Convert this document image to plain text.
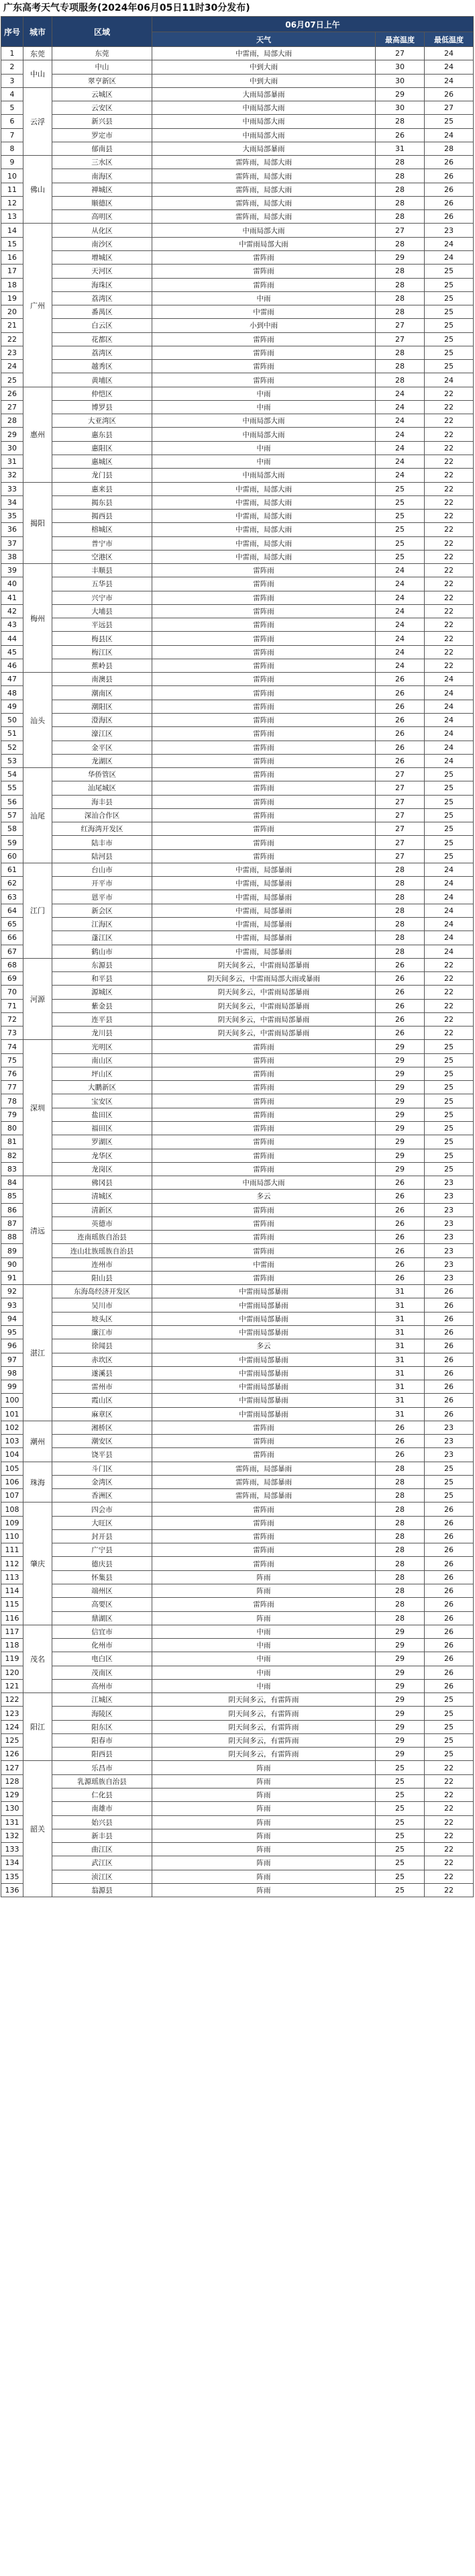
广东高考天气专项服务(2024年06月05日11时30分发布)
序号	城市	区域	06月07日上午		
			天气	最高温度	最低温度
1	东莞	东莞	中雷雨，局部大雨	27	24
2	中山	中山	中到大雨	30	24
3		翠亨新区	中到大雨	30	24
4	云浮	云城区	大雨局部暴雨	29	26
5		云安区	中雨局部大雨	30	27
6		新兴县	中雨局部大雨	28	25
7		罗定市	中雨局部大雨	26	24
8		郁南县	大雨局部暴雨	31	28
9	佛山	三水区	雷阵雨，局部大雨	28	26
10		南海区	雷阵雨，局部大雨	28	26
11		禅城区	雷阵雨，局部大雨	28	26
12		顺德区	雷阵雨，局部大雨	28	26
13		高明区	雷阵雨，局部大雨	28	26
14	广州	从化区	中雨局部大雨	27	23
15		南沙区	中雷雨局部大雨	28	24
16		增城区	雷阵雨	29	24
17		天河区	雷阵雨	28	25
18		海珠区	雷阵雨	28	25
19		荔湾区	中雨	28	25
20		番禺区	中雷雨	28	25
21		白云区	小到中雨	27	25
22		花都区	雷阵雨	27	25
23		荔湾区	雷阵雨	28	25
24		越秀区	雷阵雨	28	25
25		黄埔区	雷阵雨	28	24
26	惠州	仲恺区	中雨	24	22
27		博罗县	中雨	24	22
28		大亚湾区	中雨局部大雨	24	22
29		惠东县	中雨局部大雨	24	22
30		惠阳区	中雨	24	22
31		惠城区	中雨	24	22
32		龙门县	中雨局部大雨	24	22
33	揭阳	惠来县	中雷雨，局部大雨	25	22
34		揭东县	中雷雨，局部大雨	25	22
35		揭西县	中雷雨，局部大雨	25	22
36		榕城区	中雷雨，局部大雨	25	22
37		普宁市	中雷雨，局部大雨	25	22
38		空港区	中雷雨，局部大雨	25	22
39	梅州	丰顺县	雷阵雨	24	22
40		五华县	雷阵雨	24	22
41		兴宁市	雷阵雨	24	22
42		大埔县	雷阵雨	24	22
43		平远县	雷阵雨	24	22
44		梅县区	雷阵雨	24	22
45		梅江区	雷阵雨	24	22
46		蕉岭县	雷阵雨	24	22
47	汕头	南澳县	雷阵雨	26	24
48		潮南区	雷阵雨	26	24
49		潮阳区	雷阵雨	26	24
50		澄海区	雷阵雨	26	24
51		濠江区	雷阵雨	26	24
52		金平区	雷阵雨	26	24
53		龙湖区	雷阵雨	26	24
54	汕尾	华侨管区	雷阵雨	27	25
55		汕尾城区	雷阵雨	27	25
56		海丰县	雷阵雨	27	25
57		深汕合作区	雷阵雨	27	25
58		红海湾开发区	雷阵雨	27	25
59		陆丰市	雷阵雨	27	25
60		陆河县	雷阵雨	27	25
61	江门	台山市	中雷雨，局部暴雨	28	24
62		开平市	中雷雨，局部暴雨	28	24
63		恩平市	中雷雨，局部暴雨	28	24
64		新会区	中雷雨，局部暴雨	28	24
65		江海区	中雷雨，局部暴雨	28	24
66		蓬江区	中雷雨，局部暴雨	28	24
67		鹤山市	中雷雨，局部暴雨	28	24
68	河源	东源县	阴天间多云，中雷雨局部暴雨	26	22
69		和平县	阴天间多云，中雷雨局部大雨或暴雨	26	22
70		源城区	阴天间多云，中雷雨局部暴雨	26	22
71		紫金县	阴天间多云，中雷雨局部暴雨	26	22
72		连平县	阴天间多云，中雷雨局部暴雨	26	22
73		龙川县	阴天间多云，中雷雨局部暴雨	26	22
74	深圳	光明区	雷阵雨	29	25
75		南山区	雷阵雨	29	25
76		坪山区	雷阵雨	29	25
77		大鹏新区	雷阵雨	29	25
78		宝安区	雷阵雨	29	25
79		盐田区	雷阵雨	29	25
80		福田区	雷阵雨	29	25
81		罗湖区	雷阵雨	29	25
82		龙华区	雷阵雨	29	25
83		龙岗区	雷阵雨	29	25
84	清远	佛冈县	中雨局部大雨	26	23
85		清城区	多云	26	23
86		清新区	雷阵雨	26	23
87		英德市	雷阵雨	26	23
88		连南瑶族自治县	雷阵雨	26	23
89		连山壮族瑶族自治县	雷阵雨	26	23
90		连州市	中雷雨	26	23
91		阳山县	雷阵雨	26	23
92	湛江	东海岛经济开发区	中雷雨局部暴雨	31	26
93		吴川市	中雷雨局部暴雨	31	26
94		坡头区	中雷雨局部暴雨	31	26
95		廉江市	中雷雨局部暴雨	31	26
96		徐闻县	多云	31	26
97		赤坎区	中雷雨局部暴雨	31	26
98		遂溪县	中雷雨局部暴雨	31	26
99		雷州市	中雷雨局部暴雨	31	26
100		霞山区	中雷雨局部暴雨	31	26
101		麻章区	中雷雨局部暴雨	31	26
102	潮州	湘桥区	雷阵雨	26	23
103		潮安区	雷阵雨	26	23
104		饶平县	雷阵雨	26	23
105	珠海	斗门区	雷阵雨，局部暴雨	28	25
106		金湾区	雷阵雨，局部暴雨	28	25
107		香洲区	雷阵雨，局部暴雨	28	25
108	肇庆	四会市	雷阵雨	28	26
109		大旺区	雷阵雨	28	26
110		封开县	雷阵雨	28	26
111		广宁县	雷阵雨	28	26
112		德庆县	雷阵雨	28	26
113		怀集县	阵雨	28	26
114		端州区	阵雨	28	26
115		高要区	雷阵雨	28	26
116		鼎湖区	阵雨	28	26
117	茂名	信宜市	中雨	29	26
118		化州市	中雨	29	26
119		电白区	中雨	29	26
120		茂南区	中雨	29	26
121		高州市	中雨	29	26
122	阳江	江城区	阴天间多云，有雷阵雨	29	25
123		海陵区	阴天间多云，有雷阵雨	29	25
124		阳东区	阴天间多云，有雷阵雨	29	25
125		阳春市	阴天间多云，有雷阵雨	29	25
126		阳西县	阴天间多云，有雷阵雨	29	25
127	韶关	乐昌市	阵雨	25	22
128		乳源瑶族自治县	阵雨	25	22
129		仁化县	阵雨	25	22
130		南雄市	阵雨	25	22
131		始兴县	阵雨	25	22
132		新丰县	阵雨	25	22
133		曲江区	阵雨	25	22
134		武江区	阵雨	25	22
135		浈江区	阵雨	25	22
136		翁源县	阵雨	25	22
